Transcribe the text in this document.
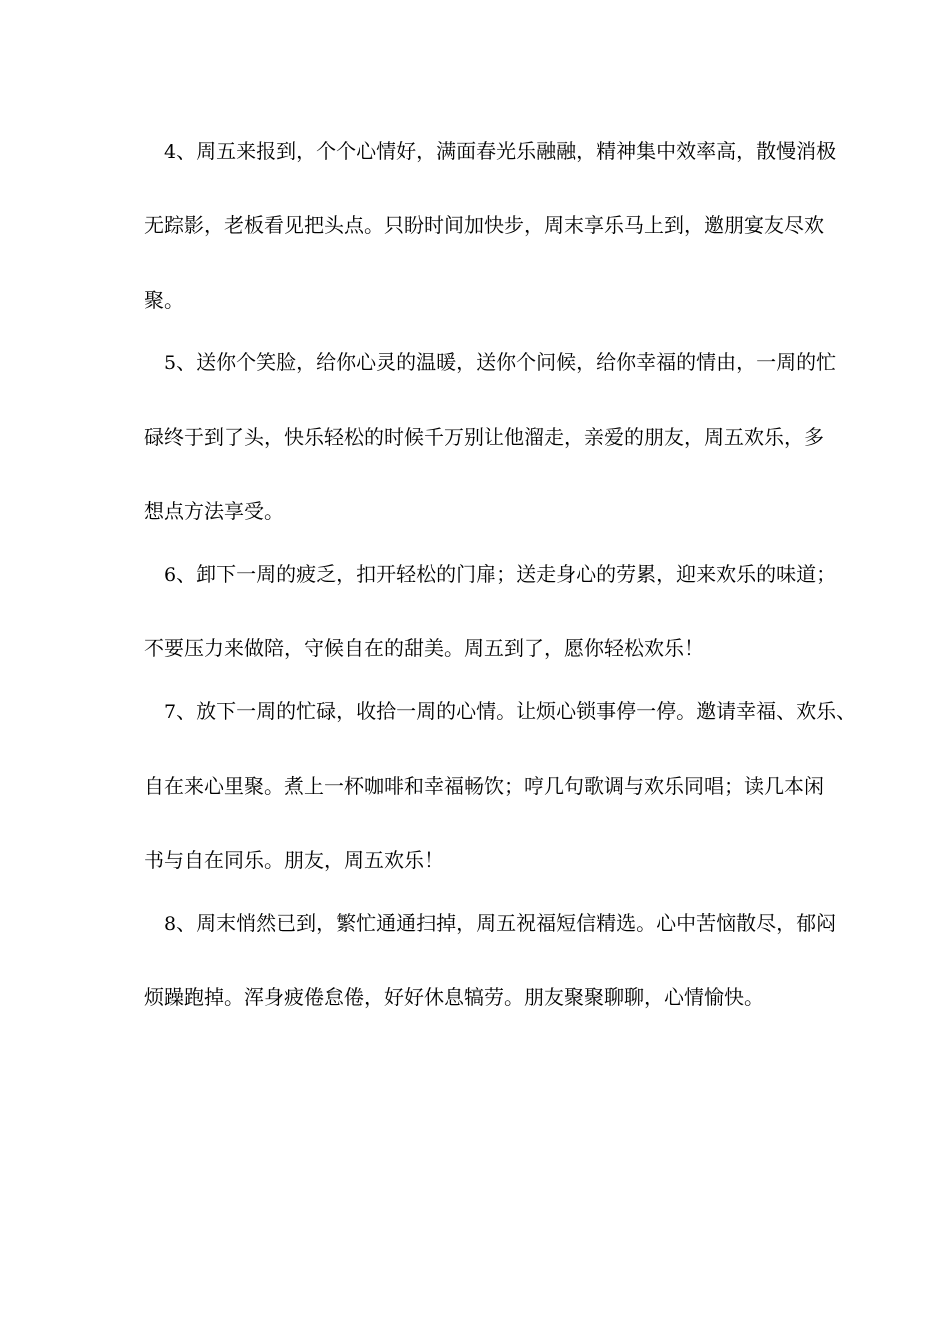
4、周五来报到，个个心情好，满面春光乐融融，精神集中效率高，散慢消极
无踪影，老板看见把头点。只盼时间加快步，周末享乐马上到，邀朋宴友尽欢
聚。
5、送你个笑脸，给你心灵的温暖，送你个问候，给你幸福的情由，一周的忙
碌终于到了头，快乐轻松的时候千万别让他溜走，亲爱的朋友，周五欢乐，多
想点方法享受。
6、卸下一周的疲乏，扣开轻松的门扉；送走身心的劳累，迎来欢乐的味道；
不要压力来做陪，守候自在的甜美。周五到了，愿你轻松欢乐！
7、放下一周的忙碌，收拾一周的心情。让烦心锁事停一停。邀请幸福、欢乐、
自在来心里聚。煮上一杯咖啡和幸福畅饮；哼几句歌调与欢乐同唱；读几本闲
书与自在同乐。朋友，周五欢乐！
8、周末悄然已到，繁忙通通扫掉，周五祝福短信精选。心中苦恼散尽，郁闷
烦躁跑掉。浑身疲倦怠倦，好好休息犒劳。朋友聚聚聊聊，心情愉快。
